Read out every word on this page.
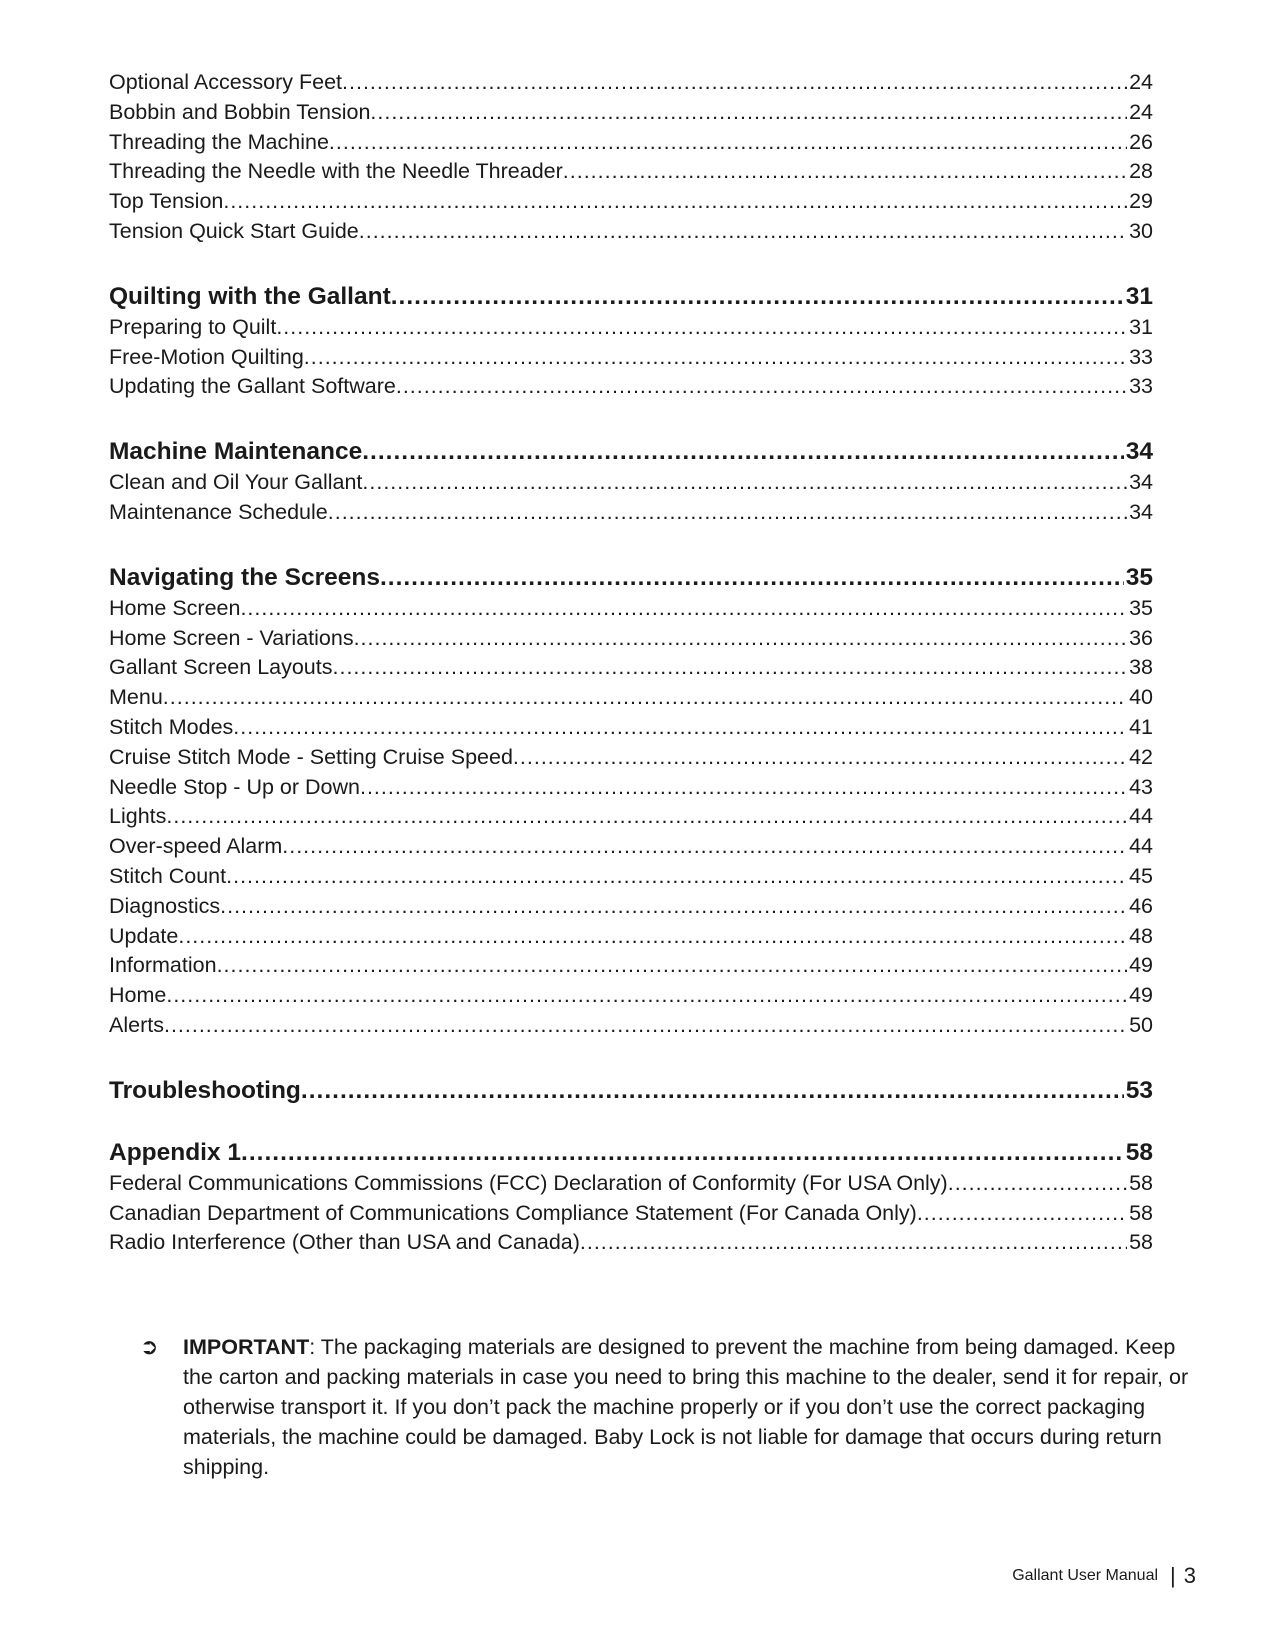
Optional Accessory Feet .....	24
Bobbin and Bobbin Tension .....	24
Threading the Machine .....	26
Threading the Needle with the Needle Threader .....	28
Top Tension .....	29
Tension Quick Start Guide .....	30
Quilting with the Gallant .....	31
Preparing to Quilt .....	31
Free-Motion Quilting .....	33
Updating the Gallant Software .....	33
Machine Maintenance .....	34
Clean and Oil Your Gallant .....	34
Maintenance Schedule .....	34
Navigating the Screens .....	35
Home Screen .....	35
Home Screen - Variations .....	36
Gallant Screen Layouts .....	38
Menu .....	40
Stitch Modes .....	41
Cruise Stitch Mode - Setting Cruise Speed .....	42
Needle Stop - Up or Down .....	43
Lights .....	44
Over-speed Alarm .....	44
Stitch Count .....	45
Diagnostics .....	46
Update .....	48
Information .....	49
Home .....	49
Alerts .....	50
Troubleshooting .....	53
Appendix 1 .....	58
Federal Communications Commissions (FCC) Declaration of Conformity (For USA Only) .....	58
Canadian Department of Communications Compliance Statement (For Canada Only) .....	58
Radio Interference (Other than USA and Canada) .....	58
➲	IMPORTANT: The packaging materials are designed to prevent the machine from being damaged. Keep the carton and packing materials in case you need to bring this machine to the dealer, send it for repair, or otherwise transport it. If you don’t pack the machine properly or if you don’t use the correct packaging materials, the machine could be damaged. Baby Lock is not liable for damage that occurs during return shipping.
Gallant User Manual | 3
